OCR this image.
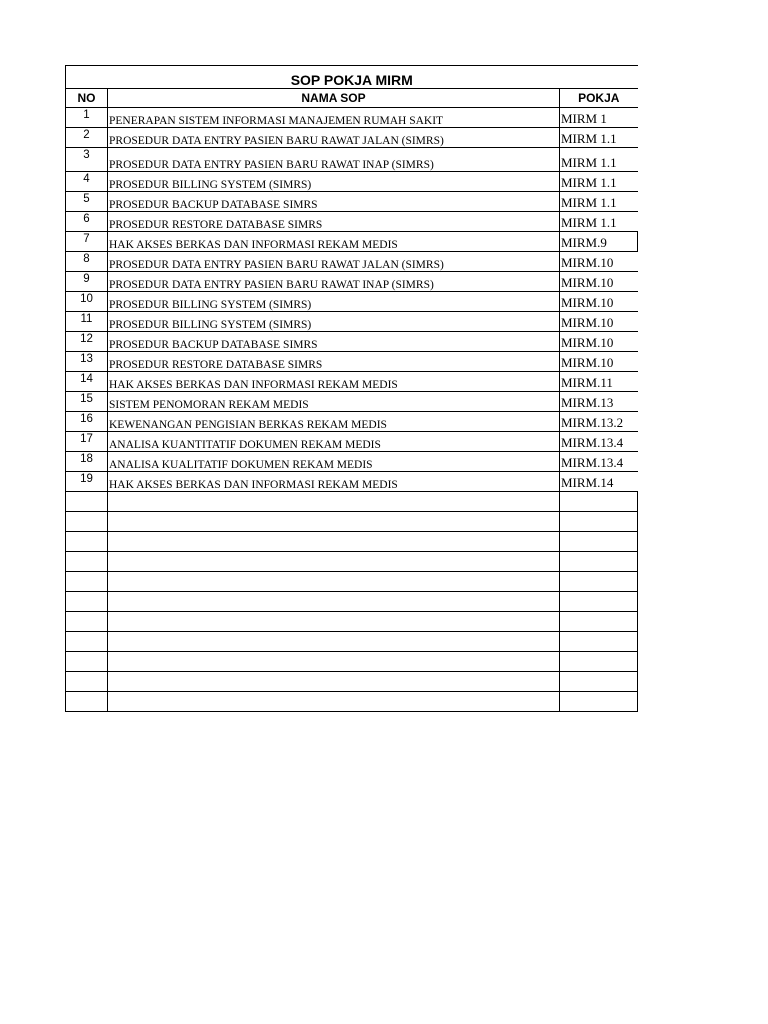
SOP POKJA MIRM		
NO	NAMA SOP	POKJA
1	PENERAPAN SISTEM INFORMASI MANAJEMEN RUMAH SAKIT	MIRM 1
2	PROSEDUR DATA ENTRY PASIEN BARU RAWAT JALAN (SIMRS)	MIRM 1.1
3	PROSEDUR DATA ENTRY PASIEN BARU RAWAT INAP (SIMRS)	MIRM 1.1
4	PROSEDUR BILLING SYSTEM (SIMRS)	MIRM 1.1
5	PROSEDUR BACKUP DATABASE SIMRS	MIRM 1.1
6	PROSEDUR RESTORE DATABASE SIMRS	MIRM 1.1
7	HAK AKSES BERKAS DAN INFORMASI REKAM MEDIS	MIRM.9
8	PROSEDUR DATA ENTRY PASIEN BARU RAWAT JALAN (SIMRS)	MIRM.10
9	PROSEDUR DATA ENTRY PASIEN BARU RAWAT INAP (SIMRS)	MIRM.10
10	PROSEDUR BILLING SYSTEM (SIMRS)	MIRM.10
11	PROSEDUR BILLING SYSTEM (SIMRS)	MIRM.10
12	PROSEDUR BACKUP DATABASE SIMRS	MIRM.10
13	PROSEDUR RESTORE DATABASE SIMRS	MIRM.10
14	HAK AKSES BERKAS DAN INFORMASI REKAM MEDIS	MIRM.11
15	SISTEM PENOMORAN REKAM MEDIS	MIRM.13
16	KEWENANGAN PENGISIAN BERKAS REKAM MEDIS	MIRM.13.2
17	ANALISA KUANTITATIF DOKUMEN REKAM MEDIS	MIRM.13.4
18	ANALISA KUALITATIF DOKUMEN REKAM MEDIS	MIRM.13.4
19	HAK AKSES BERKAS DAN INFORMASI REKAM MEDIS	MIRM.14
